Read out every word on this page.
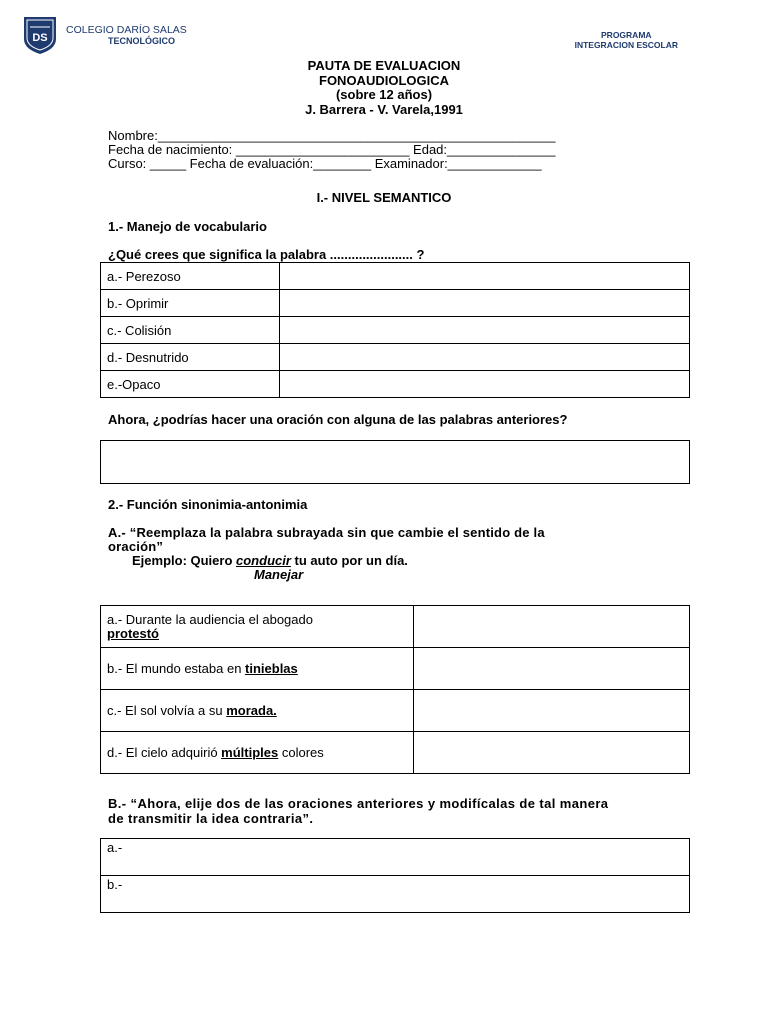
DS
COLEGIO DARÍO SALAS
TECNOLÓGICO
PROGRAMA
INTEGRACION ESCOLAR
PAUTA DE EVALUACION
FONOAUDIOLOGICA
(sobre 12 años)
J. Barrera - V. Varela,1991
Nombre:_______________________________________________________
Fecha de nacimiento: ________________________ Edad:_______________
Curso: _____ Fecha de evaluación:________ Examinador:_____________
I.- NIVEL SEMANTICO
1.- Manejo de vocabulario
¿Qué crees que significa la palabra ....................... ?
a.- Perezoso	
b.- Oprimir	
c.- Colisión	
d.- Desnutrido	
e.-Opaco	
Ahora, ¿podrías hacer una oración con alguna de las palabras anteriores?
2.- Función sinonimia-antonimia
A.- “Reemplaza la palabra subrayada sin que cambie el sentido de la
oración”
Ejemplo: Quiero conducir tu auto por un día.
Manejar
a.- Durante la audiencia el abogado
protestó	
b.- El mundo estaba en tinieblas	
c.- El sol volvía a su morada.	
d.- El cielo adquirió múltiples colores	
B.- “Ahora, elije dos de las oraciones anteriores y modifícalas de tal manera
de transmitir la idea contraria”.
a.-
b.-
